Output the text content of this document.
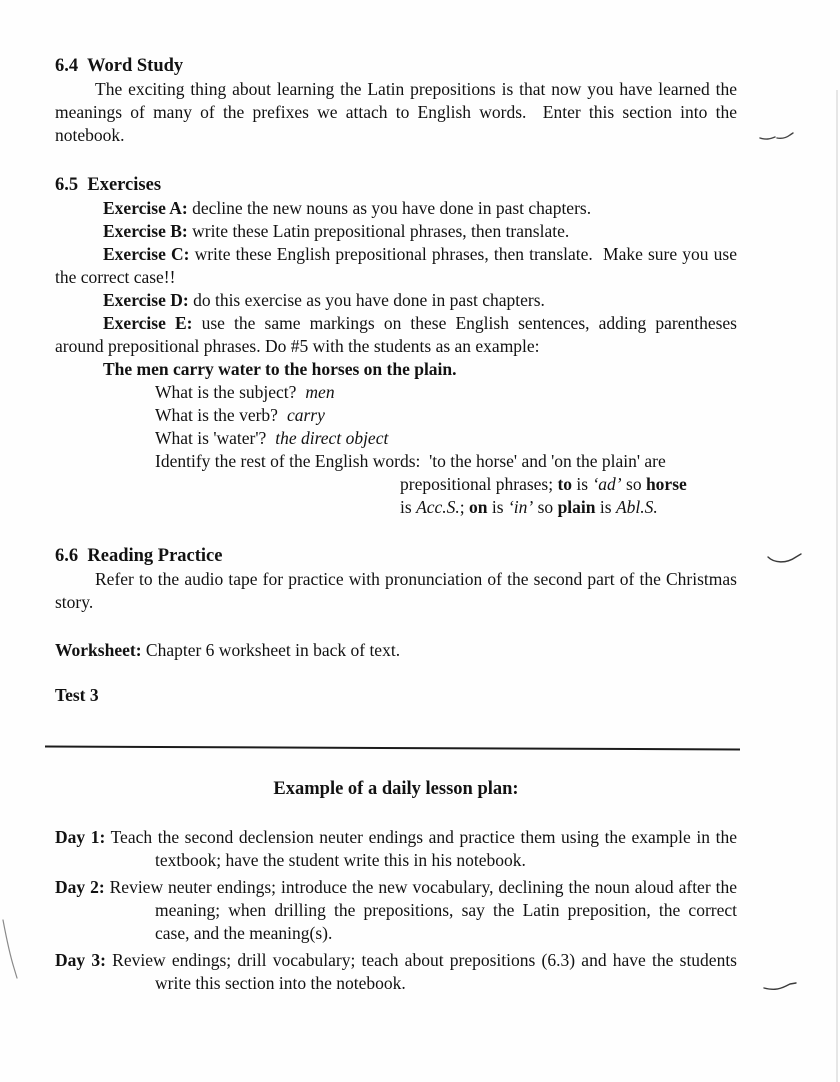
6.4  Word Study

The exciting thing about learning the Latin prepositions is that now you have learned the meanings of many of the prefixes we attach to English words.  Enter this section into the notebook.

6.5  Exercises

Exercise A: decline the new nouns as you have done in past chapters.

Exercise B: write these Latin prepositional phrases, then translate.

Exercise C: write these English prepositional phrases, then translate.  Make sure you use the correct case!!

Exercise D: do this exercise as you have done in past chapters.

Exercise E: use the same markings on these English sentences, adding parentheses around prepositional phrases. Do #5 with the students as an example:

The men carry water to the horses on the plain.

What is the subject? men

What is the verb? carry

What is 'water'? the direct object

Identify the rest of the English words:  'to the horse' and 'on the plain' are

prepositional phrases; to is ‘ad’ so horse

is Acc.S.; on is ‘in’ so plain is Abl.S.

6.6  Reading Practice

Refer to the audio tape for practice with pronunciation of the second part of the Christmas story.

Worksheet: Chapter 6 worksheet in back of text.

Test 3

Example of a daily lesson plan:

Day 1: Teach the second declension neuter endings and practice them using the example in the textbook; have the student write this in his notebook.

Day 2: Review neuter endings; introduce the new vocabulary, declining the noun aloud after the meaning; when drilling the prepositions, say the Latin preposition, the correct case, and the meaning(s).

Day 3: Review endings; drill vocabulary; teach about prepositions (6.3) and have the students write this section into the notebook.
